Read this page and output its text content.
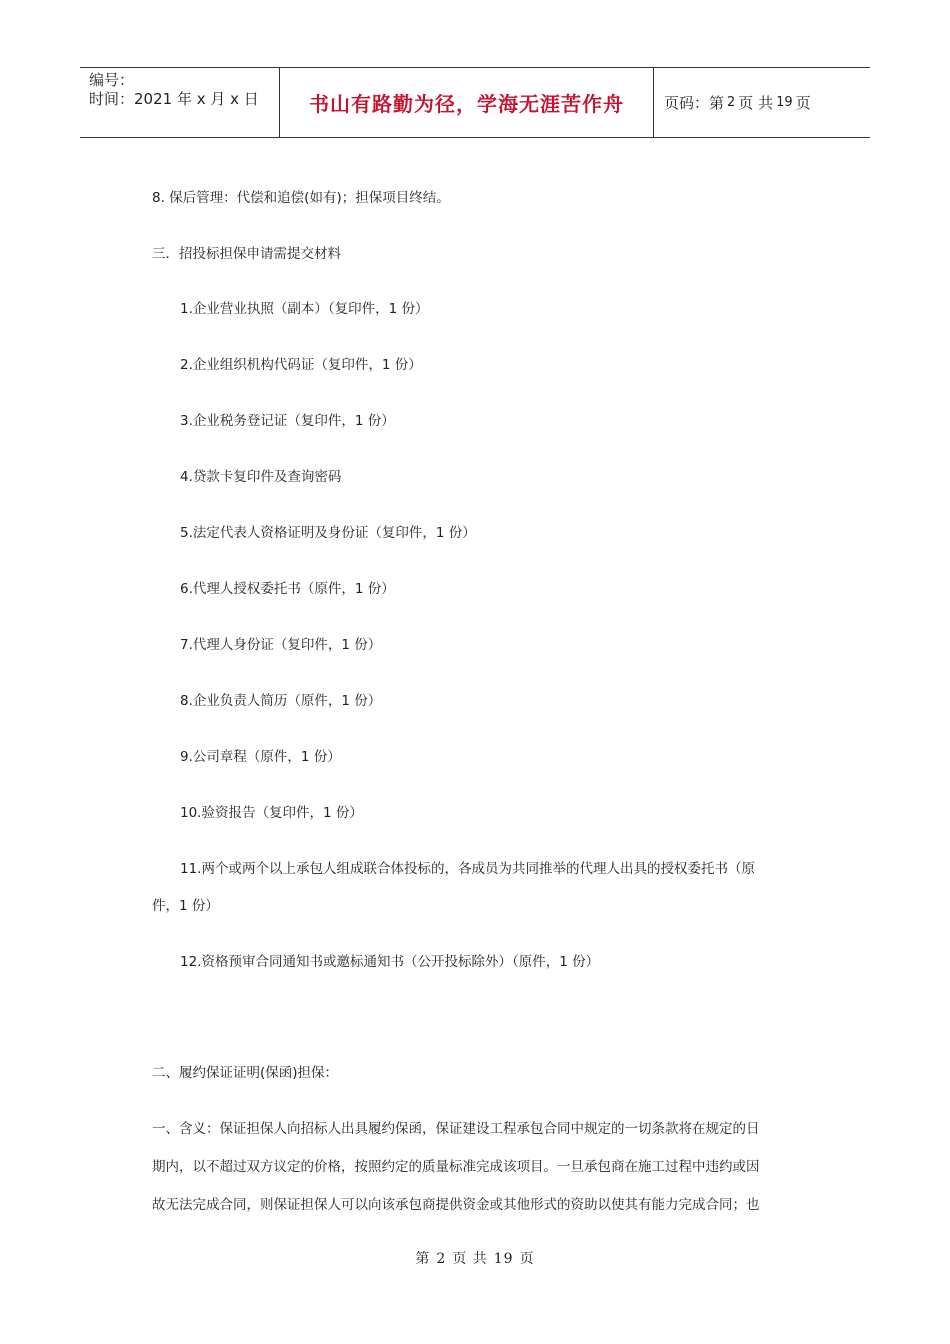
编号：
时间：2021 年 x 月 x 日	书山有路勤为径，学海无涯苦作舟	页码：第 2 页 共 19 页
8. 保后管理：代偿和追偿(如有)；担保项目终结。
三．招投标担保申请需提交材料
1.企业营业执照（副本）（复印件，1 份）
2.企业组织机构代码证（复印件，1 份）
3.企业税务登记证（复印件，1 份）
4.贷款卡复印件及查询密码
5.法定代表人资格证明及身份证（复印件，1 份）
6.代理人授权委托书（原件，1 份）
7.代理人身份证（复印件，1 份）
8.企业负责人简历（原件，1 份）
9.公司章程（原件，1 份）
10.验资报告（复印件，1 份）
11.两个或两个以上承包人组成联合体投标的，各成员为共同推举的代理人出具的授权委托书（原
件，1 份）
12.资格预审合同通知书或邀标通知书（公开投标除外）（原件，1 份）
二、履约保证证明(保函)担保：
一、含义：保证担保人向招标人出具履约保函，保证建设工程承包合同中规定的一切条款将在规定的日
期内，以不超过双方议定的价格，按照约定的质量标准完成该项目。一旦承包商在施工过程中违约或因
故无法完成合同，则保证担保人可以向该承包商提供资金或其他形式的资助以使其有能力完成合同；也
第 2 页 共 19 页
